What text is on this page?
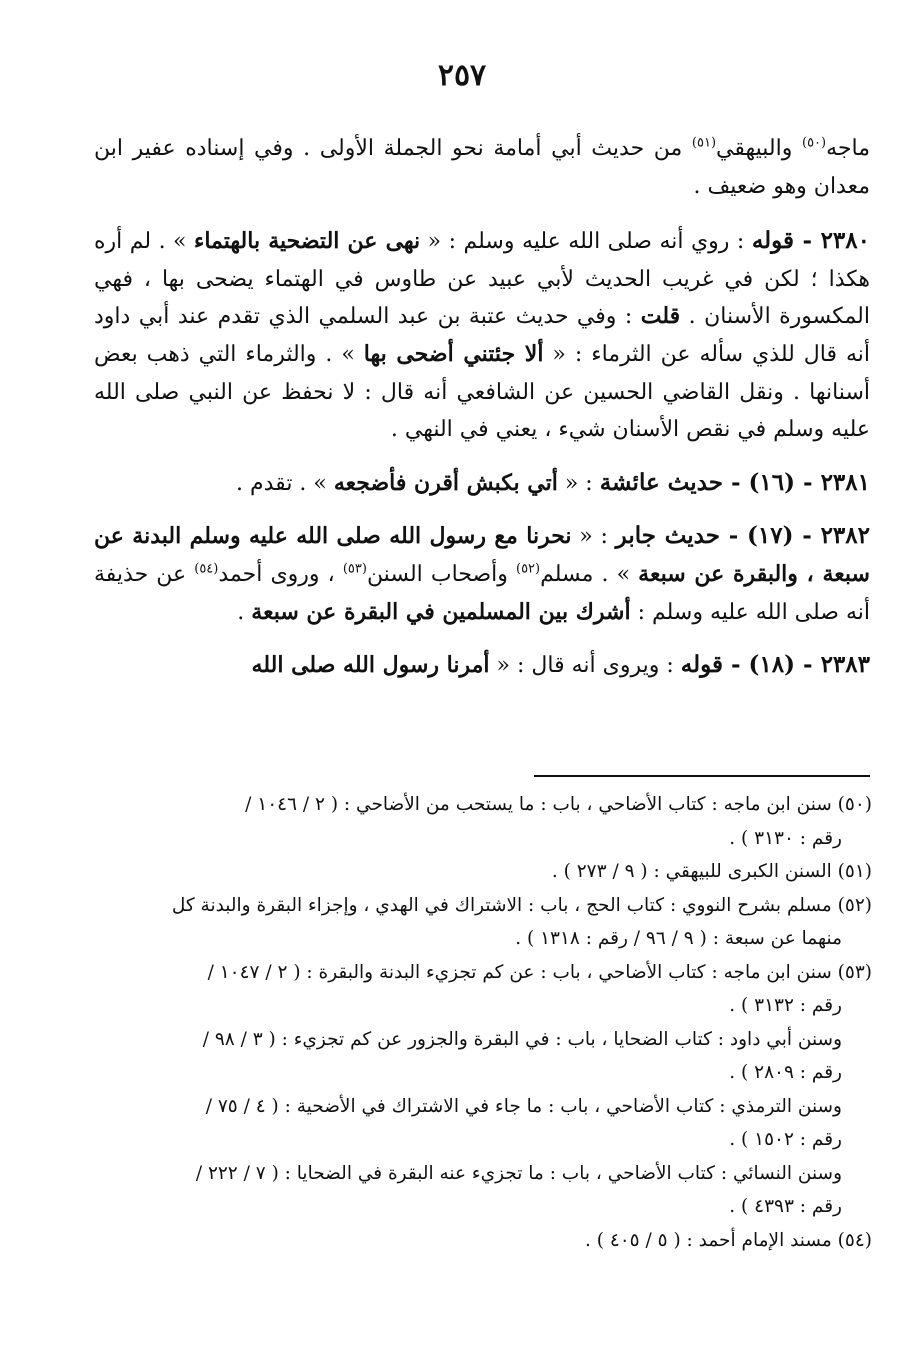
٢٥٧

ماجه$^{(٥٠)}$ والبيهقي$^{(٥١)}$ من حديث أبي أمامة نحو الجملة الأولى . وفي إسناده عفير ابن معدان وهو ضعيف .

٢٣٨٠ - قوله : روي أنه صلى الله عليه وسلم : « نهى عن التضحية بالهتماء » . لم أره هكذا ؛ لكن في غريب الحديث لأبي عبيد عن طاوس في الهتماء يضحى بها ، فهي المكسورة الأسنان . قلت : وفي حديث عتبة بن عبد السلمي الذي تقدم عند أبي داود أنه قال للذي سأله عن الثرماء : « ألا جئتني أضحى بها » . والثرماء التي ذهب بعض أسنانها . ونقل القاضي الحسين عن الشافعي أنه قال : لا نحفظ عن النبي صلى الله عليه وسلم في نقص الأسنان شيء ، يعني في النهي .

٢٣٨١ - (١٦) - حديث عائشة : « أتي بكبش أقرن فأضجعه » . تقدم .

٢٣٨٢ - (١٧) - حديث جابر : « نحرنا مع رسول الله صلى الله عليه وسلم البدنة عن سبعة ، والبقرة عن سبعة » . مسلم$^{(٥٢)}$ وأصحاب السنن$^{(٥٣)}$ ، وروى أحمد$^{(٥٤)}$ عن حذيفة أنه صلى الله عليه وسلم : أشرك بين المسلمين في البقرة عن سبعة .

٢٣٨٣ - (١٨) - قوله : ويروى أنه قال : « أمرنا رسول الله صلى الله

(٥٠) سنن ابن ماجه : كتاب الأضاحي ، باب : ما يستحب من الأضاحي : ( ٢ / ١٠٤٦ /
رقم : ٣١٣٠ ) .

(٥١) السنن الكبرى للبيهقي : ( ٩ / ٢٧٣ ) .

(٥٢) مسلم بشرح النووي : كتاب الحج ، باب : الاشتراك في الهدي ، وإجزاء البقرة والبدنة كل
منهما عن سبعة : ( ٩ / ٩٦ / رقم : ١٣١٨ ) .

(٥٣) سنن ابن ماجه : كتاب الأضاحي ، باب : عن كم تجزيء البدنة والبقرة : ( ٢ / ١٠٤٧ /
رقم : ٣١٣٢ ) .

وسنن أبي داود : كتاب الضحايا ، باب : في البقرة والجزور عن كم تجزيء : ( ٣ / ٩٨ /
رقم : ٢٨٠٩ ) .

وسنن الترمذي : كتاب الأضاحي ، باب : ما جاء في الاشتراك في الأضحية : ( ٤ / ٧٥ /
رقم : ١٥٠٢ ) .

وسنن النسائي : كتاب الأضاحي ، باب : ما تجزيء عنه البقرة في الضحايا : ( ٧ / ٢٢٢ /
رقم : ٤٣٩٣ ) .

(٥٤) مسند الإمام أحمد : ( ٥ / ٤٠٥ ) .
